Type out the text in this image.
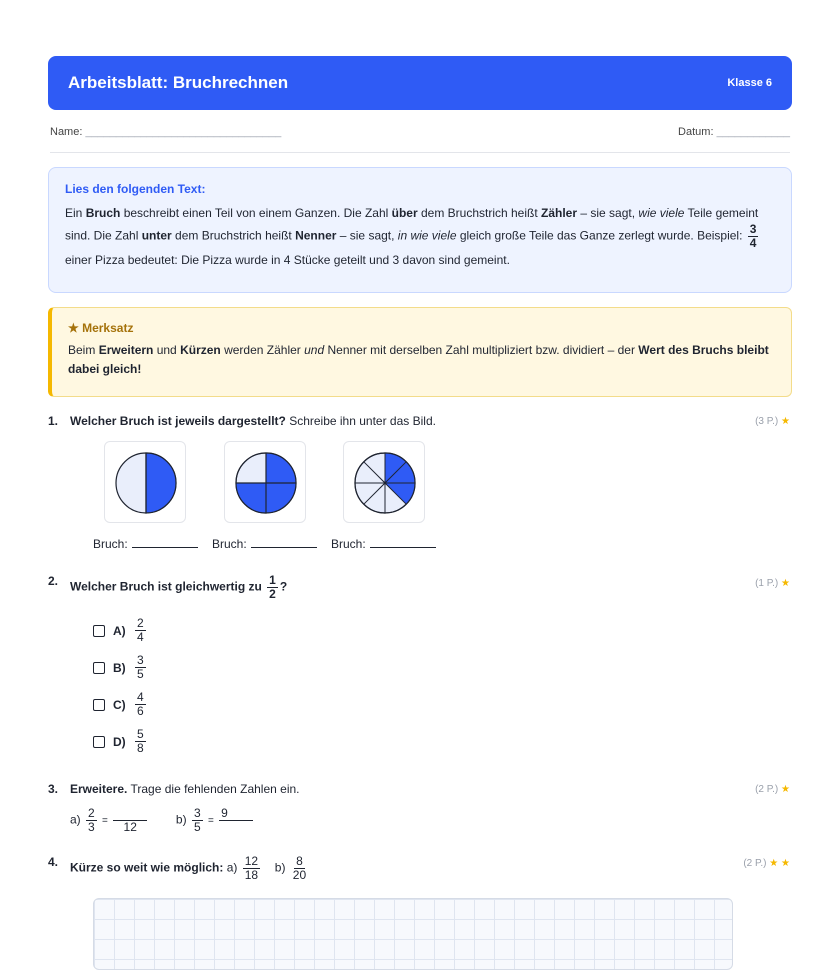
Arbeitsblatt: Bruchrechnen	Klasse 6
Name: ________________________________	Datum: ____________
Lies den folgenden Text:
Ein Bruch beschreibt einen Teil von einem Ganzen. Die Zahl über dem Bruchstrich heißt Zähler – sie sagt, wie viele Teile gemeint sind. Die Zahl unter dem Bruchstrich heißt Nenner – sie sagt, in wie viele gleich große Teile das Ganze zerlegt wurde. Beispiel: $\frac{3}{4}$
einer Pizza bedeutet: Die Pizza wurde in 4 Stücke geteilt und 3 davon sind gemeint.
★ Merksatz
Beim Erweitern und Kürzen werden Zähler und Nenner mit derselben Zahl multipliziert bzw. dividiert – der Wert des Bruchs bleibt dabei gleich!
1. Welcher Bruch ist jeweils dargestellt? Schreibe ihn unter das Bild.	(3 P.) ★
Bruch:	Bruch:	Bruch:
2. Welcher Bruch ist gleichwertig zu $\frac{1}{2}$ ?	(1 P.) ★
$A) \frac{2}{4}$
$B) \frac{3}{5}$
$C) \frac{4}{6}$
$D) \frac{5}{8}$
3. Erweitere. Trage die fehlenden Zahlen ein.	(2 P.) ★
$a) \frac{2}{3}$ =
12
$b) \frac{3}{5}$ =
9

4. Kürze so weit wie möglich: $a) \frac{12}{18} b) \frac{8}{20}$	(2 P.) ★ ★
